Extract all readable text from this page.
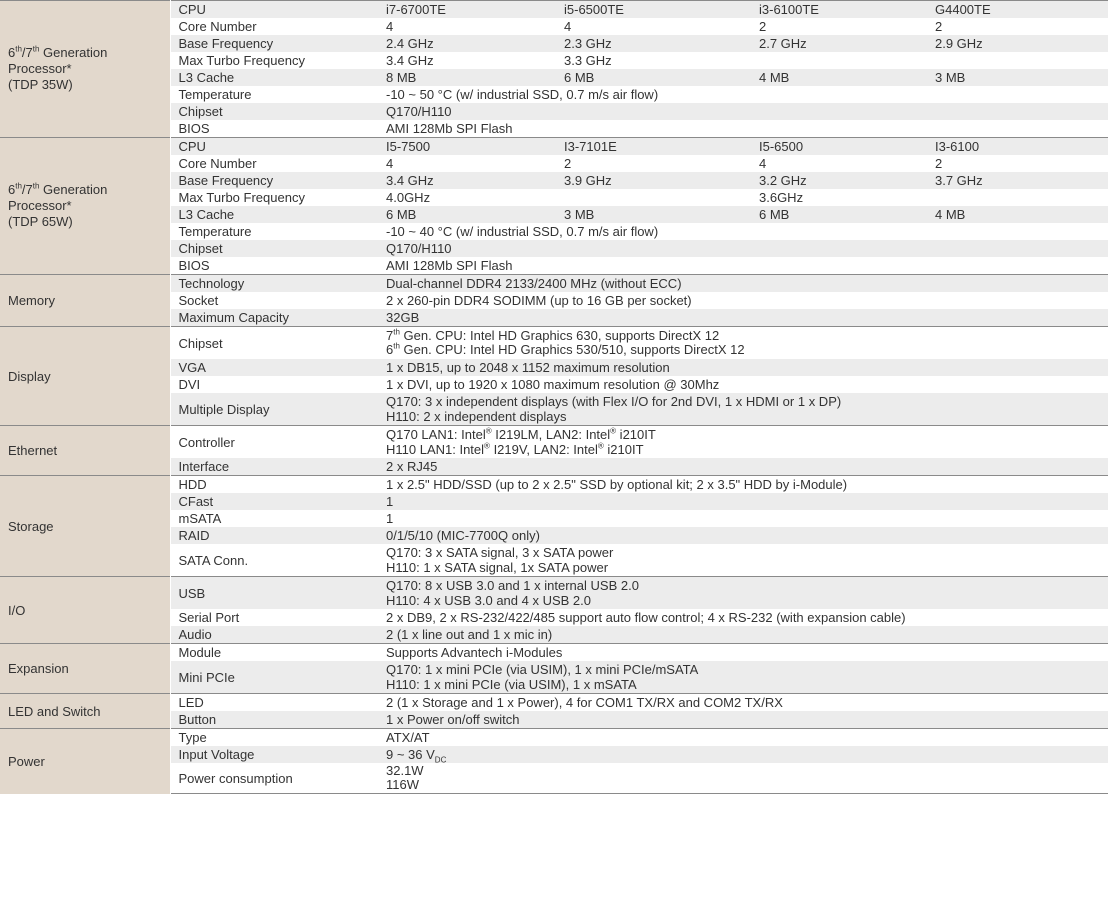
6th/7th Generation
Processor*
(TDP 35W)	CPU	i7-6700TE	i5-6500TE	i3-6100TE	G4400TE
	Core Number	4	4	2	2
	Base Frequency	2.4 GHz	2.3 GHz	2.7 GHz	2.9 GHz
	Max Turbo Frequency	3.4 GHz	3.3 GHz		
	L3 Cache	8 MB	6 MB	4 MB	3 MB
	Temperature	-10 ~ 50 °C (w/ industrial SSD, 0.7 m/s air flow)			
	Chipset	Q170/H110			
	BIOS	AMI 128Mb SPI Flash			

6th/7th Generation
Processor*
(TDP 65W)	CPU	I5-7500	I3-7101E	I5-6500	I3-6100
	Core Number	4	2	4	2
	Base Frequency	3.4 GHz	3.9 GHz	3.2 GHz	3.7 GHz
	Max Turbo Frequency	4.0GHz		3.6GHz	
	L3 Cache	6 MB	3 MB	6 MB	4 MB
	Temperature	-10 ~ 40 °C (w/ industrial SSD, 0.7 m/s air flow)			
	Chipset	Q170/H110			
	BIOS	AMI 128Mb SPI Flash			
Memory	Technology	Dual-channel DDR4 2133/2400 MHz (without ECC)			
	Socket	2 x 260-pin DDR4 SODIMM (up to 16 GB per socket)			
	Maximum Capacity	32GB			
Display	Chipset	7th Gen. CPU: Intel HD Graphics 630, supports DirectX 12
6th Gen. CPU: Intel HD Graphics 530/510, supports DirectX 12			

	VGA	1 x DB15, up to 2048 x 1152 maximum resolution			
	DVI	1 x DVI, up to 1920 x 1080 maximum resolution @ 30Mhz			
	Multiple Display	Q170: 3 x independent displays (with Flex I/O for 2nd DVI, 1 x HDMI or 1 x DP)
H110: 2 x independent displays			

Ethernet	Controller	Q170 LAN1: Intel® I219LM, LAN2: Intel® i210IT
H110 LAN1: Intel® I219V, LAN2: Intel® i210IT			

	Interface	2 x RJ45			
Storage	HDD	1 x 2.5" HDD/SSD (up to 2 x 2.5" SSD by optional kit; 2 x 3.5" HDD by i-Module)			
	CFast	1			
	mSATA	1			
	RAID	0/1/5/10 (MIC-7700Q only)			
	SATA Conn.	Q170: 3 x SATA signal, 3 x SATA power
H110: 1 x SATA signal, 1x SATA power			

I/O	USB	Q170: 8 x USB 3.0 and 1 x internal USB 2.0
H110: 4 x USB 3.0 and 4 x USB 2.0			

	Serial Port	2 x DB9, 2 x RS-232/422/485 support auto flow control; 4 x RS-232 (with expansion cable)			
	Audio	2 (1 x line out and 1 x mic in)			
Expansion	Module	Supports Advantech i-Modules			
	Mini PCIe	Q170: 1 x mini PCIe (via USIM), 1 x mini PCIe/mSATA
H110: 1 x mini PCIe (via USIM), 1 x mSATA			

LED and Switch	LED	2 (1 x Storage and 1 x Power), 4 for COM1 TX/RX and COM2 TX/RX			
	Button	1 x Power on/off switch			
Power	Type	ATX/AT			
	Input Voltage	9 ~ 36 $V_{DC}$
	Power consumption	32.1W
116W			
